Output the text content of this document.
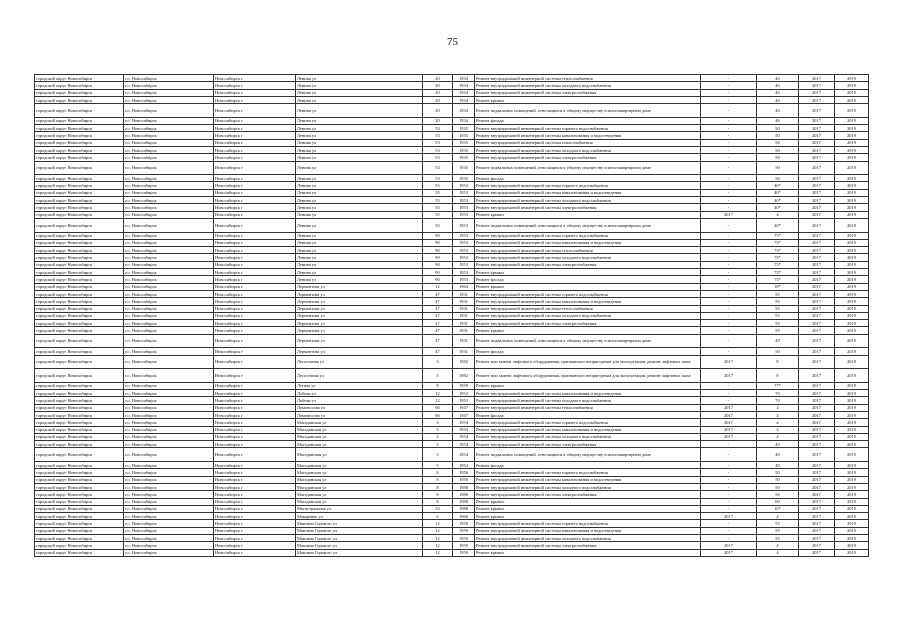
75
городской округ Новосибирск	г.о. Новосибирск	Новосибирск г	Ленина ул	20	1934	Ремонт внутридомовой инженерной системы теплоснабжения	-	46	2017	2019
городской округ Новосибирск	г.о. Новосибирск	Новосибирск г	Ленина ул	20	1934	Ремонт внутридомовой инженерной системы холодного водоснабжения	-	46	2017	2019
городской округ Новосибирск	г.о. Новосибирск	Новосибирск г	Ленина ул	20	1934	Ремонт внутридомовой инженерной системы электроснабжения	-	46	2017	2019
городской округ Новосибирск	г.о. Новосибирск	Новосибирск г	Ленина ул	20	1934	Ремонт крыши	-	46	2017	2019
городской округ Новосибирск	г.о. Новосибирск	Новосибирск г	Ленина ул	20	1934	Ремонт подвальных помещений, относящихся к общему имуществу в многоквартирном доме	-	46	2017	2019
городской округ Новосибирск	г.о. Новосибирск	Новосибирск г	Ленина ул	20	1934	Ремонт фасада	-	46	2017	2019
городской округ Новосибирск	г.о. Новосибирск	Новосибирск г	Ленина ул	53	1935	Ремонт внутридомовой инженерной системы горячего водоснабжения	-	50	2017	2019
городской округ Новосибирск	г.о. Новосибирск	Новосибирск г	Ленина ул	53	1935	Ремонт внутридомовой инженерной системы канализования и водоотведения	-	50	2017	2019
городской округ Новосибирск	г.о. Новосибирск	Новосибирск г	Ленина ул	53	1935	Ремонт внутридомовой инженерной системы теплоснабжения	-	50	2017	2019
городской округ Новосибирск	г.о. Новосибирск	Новосибирск г	Ленина ул	53	1935	Ремонт внутридомовой инженерной системы холодного водоснабжения	-	50	2017	2019
городской округ Новосибирск	г.о. Новосибирск	Новосибирск г	Ленина ул	53	1935	Ремонт внутридомовой инженерной системы электроснабжения	-	50	2017	2019
городской округ Новосибирск	г.о. Новосибирск	Новосибирск г	Ленина ул	53	1935	Ремонт подвальных помещений, относящихся к общему имуществу в многоквартирном доме	-	50	2017	2019
городской округ Новосибирск	г.о. Новосибирск	Новосибирск г	Ленина ул	53	1935	Ремонт фасада	-	50	2017	2019
городской округ Новосибирск	г.о. Новосибирск	Новосибирск г	Ленина ул	55	1953	Ремонт внутридомовой инженерной системы горячего водоснабжения	-	40*	2017	2019
городской округ Новосибирск	г.о. Новосибирск	Новосибирск г	Ленина ул	55	1953	Ремонт внутридомовой инженерной системы канализования и водоотведения	-	40*	2017	2019
городской округ Новосибирск	г.о. Новосибирск	Новосибирск г	Ленина ул	55	1953	Ремонт внутридомовой инженерной системы холодного водоснабжения	-	40*	2017	2019
городской округ Новосибирск	г.о. Новосибирск	Новосибирск г	Ленина ул	55	1953	Ремонт внутридомовой инженерной системы электроснабжения	-	40*	2017	2019
городской округ Новосибирск	г.о. Новосибирск	Новосибирск г	Ленина ул	55	1953	Ремонт крыши	2017	4	2017	2019
городской округ Новосибирск	г.о. Новосибирск	Новосибирск г	Ленина ул	55	1953	Ремонт подвальных помещений, относящихся к общему имуществу в многоквартирном доме	-	40*	2017	2019
городской округ Новосибирск	г.о. Новосибирск	Новосибирск г	Ленина ул	90	1953	Ремонт внутридомовой инженерной системы горячего водоснабжения	-	73*	2017	2019
городской округ Новосибирск	г.о. Новосибирск	Новосибирск г	Ленина ул	90	1953	Ремонт внутридомовой инженерной системы канализования и водоотведения	-	73*	2017	2019
городской округ Новосибирск	г.о. Новосибирск	Новосибирск г	Ленина ул	90	1953	Ремонт внутридомовой инженерной системы теплоснабжения	-	73*	2017	2019
городской округ Новосибирск	г.о. Новосибирск	Новосибирск г	Ленина ул	90	1953	Ремонт внутридомовой инженерной системы холодного водоснабжения	-	73*	2017	2019
городской округ Новосибирск	г.о. Новосибирск	Новосибирск г	Ленина ул	90	1953	Ремонт внутридомовой инженерной системы электроснабжения	-	73*	2017	2019
городской округ Новосибирск	г.о. Новосибирск	Новосибирск г	Ленина ул	90	1953	Ремонт крыши	-	73*	2017	2019
городской округ Новосибирск	г.о. Новосибирск	Новосибирск г	Ленина ул	90	1953	Ремонт фасада	-	73*	2017	2019
городской округ Новосибирск	г.о. Новосибирск	Новосибирск г	Лермонтова ул	12	1964	Ремонт крыши	-	18*	2017	2019
городской округ Новосибирск	г.о. Новосибирск	Новосибирск г	Лермонтова ул	47	1931	Ремонт внутридомовой инженерной системы горячего водоснабжения	-	55	2017	2019
городской округ Новосибирск	г.о. Новосибирск	Новосибирск г	Лермонтова ул	47	1931	Ремонт внутридомовой инженерной системы канализования и водоотведения	-	55	2017	2019
городской округ Новосибирск	г.о. Новосибирск	Новосибирск г	Лермонтова ул	47	1931	Ремонт внутридомовой инженерной системы теплоснабжения	-	55	2017	2019
городской округ Новосибирск	г.о. Новосибирск	Новосибирск г	Лермонтова ул	47	1931	Ремонт внутридомовой инженерной системы холодного водоснабжения	-	55	2017	2019
городской округ Новосибирск	г.о. Новосибирск	Новосибирск г	Лермонтова ул	47	1931	Ремонт внутридомовой инженерной системы электроснабжения	-	55	2017	2019
городской округ Новосибирск	г.о. Новосибирск	Новосибирск г	Лермонтова ул	47	1931	Ремонт крыши	-	55	2017	2019
городской округ Новосибирск	г.о. Новосибирск	Новосибирск г	Лермонтова ул	47	1931	Ремонт подвальных помещений, относящихся к общему имуществу в многоквартирном доме	-	48	2017	2019
городской округ Новосибирск	г.о. Новосибирск	Новосибирск г	Лермонтова ул	47	1931	Ремонт фасада	-	50	2017	2019
городской округ Новосибирск	г.о. Новосибирск	Новосибирск г	Лесосечная ул	3	1982	Ремонт или замена лифтового оборудования, признанного непригодным для эксплуатации, ремонт лифтовых шахт	2017	8	2017	2019
городской округ Новосибирск	г.о. Новосибирск	Новосибирск г	Лесосечная ул	5	1982	Ремонт или замена лифтового оборудования, признанного непригодным для эксплуатации, ремонт лифтовых шахт	2017	8	2017	2019
городской округ Новосибирск	г.о. Новосибирск	Новосибирск г	Летная ул	8	1959	Ремонт крыши	-	77*	2017	2019
городской округ Новосибирск	г.о. Новосибирск	Новосибирск г	Лобова ул	12	1953	Ремонт внутридомовой инженерной системы канализования и водоотведения	-	70	2017	2019
городской округ Новосибирск	г.о. Новосибирск	Новосибирск г	Лобова ул	12	1953	Ремонт внутридомовой инженерной системы холодного водоснабжения	-	70	2017	2019
городской округ Новосибирск	г.о. Новосибирск	Новосибирск г	Ломоносова ул	66	1947	Ремонт внутридомовой инженерной системы теплоснабжения	2017	4	2017	2019
городской округ Новосибирск	г.о. Новосибирск	Новосибирск г	Ломоносова ул	66	1947	Ремонт фасада	2017	4	2017	2019
городской округ Новосибирск	г.о. Новосибирск	Новосибирск г	Магаданская ул	3	1954	Ремонт внутридомовой инженерной системы горячего водоснабжения	2017	4	2017	2019
городской округ Новосибирск	г.о. Новосибирск	Новосибирск г	Магаданская ул	3	1954	Ремонт внутридомовой инженерной системы канализования и водоотведения	2017	4	2017	2019
городской округ Новосибирск	г.о. Новосибирск	Новосибирск г	Магаданская ул	3	1954	Ремонт внутридомовой инженерной системы холодного водоснабжения	2017	4	2017	2019
городской округ Новосибирск	г.о. Новосибирск	Новосибирск г	Магаданская ул	3	1954	Ремонт внутридомовой инженерной системы электроснабжения	-	49	2017	2019
городской округ Новосибирск	г.о. Новосибирск	Новосибирск г	Магаданская ул	3	1954	Ремонт подвальных помещений, относящихся к общему имуществу в многоквартирном доме	-	49	2017	2019
городской округ Новосибирск	г.о. Новосибирск	Новосибирск г	Магаданская ул	5	1954	Ремонт фасада	-	49	2017	2019
городской округ Новосибирск	г.о. Новосибирск	Новосибирск г	Магаданская ул	8	1956	Ремонт внутридомовой инженерной системы горячего водоснабжения	-	50	2017	2019
городской округ Новосибирск	г.о. Новосибирск	Новосибирск г	Магаданская ул	8	1956	Ремонт внутридомовой инженерной системы канализования и водоотведения	-	50	2017	2019
городской округ Новосибирск	г.о. Новосибирск	Новосибирск г	Магаданская ул	8	1988	Ремонт внутридомовой инженерной системы холодного водоснабжения	-	50	2017	2019
городской округ Новосибирск	г.о. Новосибирск	Новосибирск г	Магаданская ул	8	1988	Ремонт внутридомовой инженерной системы электроснабжения	-	50	2017	2019
городской округ Новосибирск	г.о. Новосибирск	Новосибирск г	Магаданская ул	8	1988	Ремонт крыши	-	60	2017	2019
городской округ Новосибирск	г.о. Новосибирск	Новосибирск г	Магистральная ул	33	1988	Ремонт крыши	-	10*	2017	2019
городской округ Новосибирск	г.о. Новосибирск	Новосибирск г	Макаренко ул	6	1966	Ремонт крыши	2017	4	2017	2019
городской округ Новосибирск	г.о. Новосибирск	Новосибирск г	Максима Горького ул	12	1959	Ремонт внутридомовой инженерной системы горячего водоснабжения	-	55	2017	2019
городской округ Новосибирск	г.о. Новосибирск	Новосибирск г	Максима Горького ул	12	1959	Ремонт внутридомовой инженерной системы канализования и водоотведения	-	55	2017	2019
городской округ Новосибирск	г.о. Новосибирск	Новосибирск г	Максима Горького ул	12	1959	Ремонт внутридомовой инженерной системы холодного водоснабжения	-	55	2017	2019
городской округ Новосибирск	г.о. Новосибирск	Новосибирск г	Максима Горького ул	12	1959	Ремонт внутридомовой инженерной системы электроснабжения	2017	4	2017	2019
городской округ Новосибирск	г.о. Новосибирск	Новосибирск г	Максима Горького ул	12	1959	Ремонт крыши	2017	4	2017	2019
